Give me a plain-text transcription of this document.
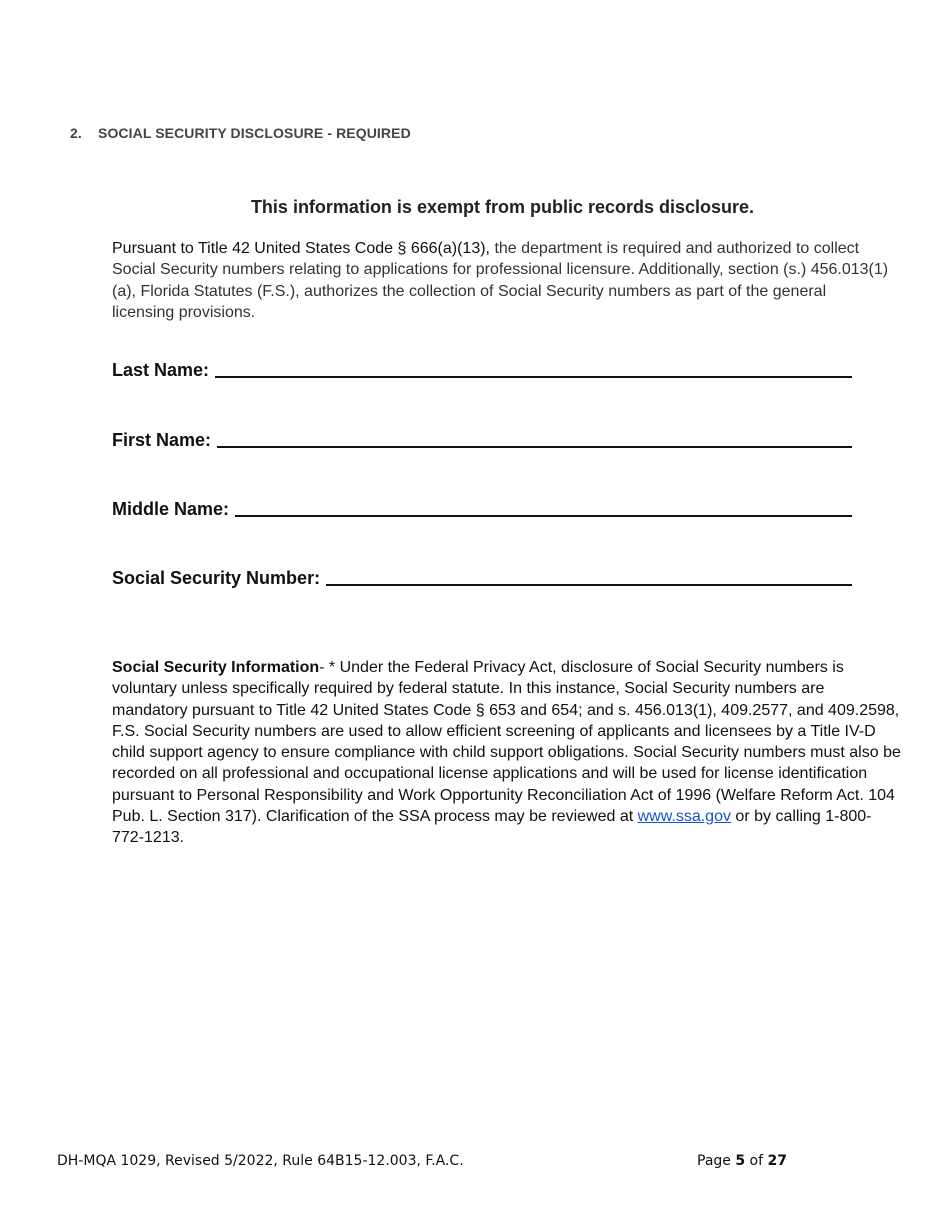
2. SOCIAL SECURITY DISCLOSURE - REQUIRED
This information is exempt from public records disclosure.
Pursuant to Title 42 United States Code § 666(a)(13), the department is required and authorized to collect Social Security numbers relating to applications for professional licensure. Additionally, section (s.) 456.013(1)(a), Florida Statutes (F.S.), authorizes the collection of Social Security numbers as part of the general licensing provisions.
Last Name:
First Name:
Middle Name:
Social Security Number:
Social Security Information- * Under the Federal Privacy Act, disclosure of Social Security numbers is voluntary unless specifically required by federal statute. In this instance, Social Security numbers are mandatory pursuant to Title 42 United States Code § 653 and 654; and s. 456.013(1), 409.2577, and 409.2598, F.S. Social Security numbers are used to allow efficient screening of applicants and licensees by a Title IV-D child support agency to ensure compliance with child support obligations. Social Security numbers must also be recorded on all professional and occupational license applications and will be used for license identification pursuant to Personal Responsibility and Work Opportunity Reconciliation Act of 1996 (Welfare Reform Act. 104 Pub. L. Section 317). Clarification of the SSA process may be reviewed at www.ssa.gov or by calling 1-800-772-1213.
DH-MQA 1029, Revised 5/2022, Rule 64B15-12.003, F.A.C.	Page 5 of 27
